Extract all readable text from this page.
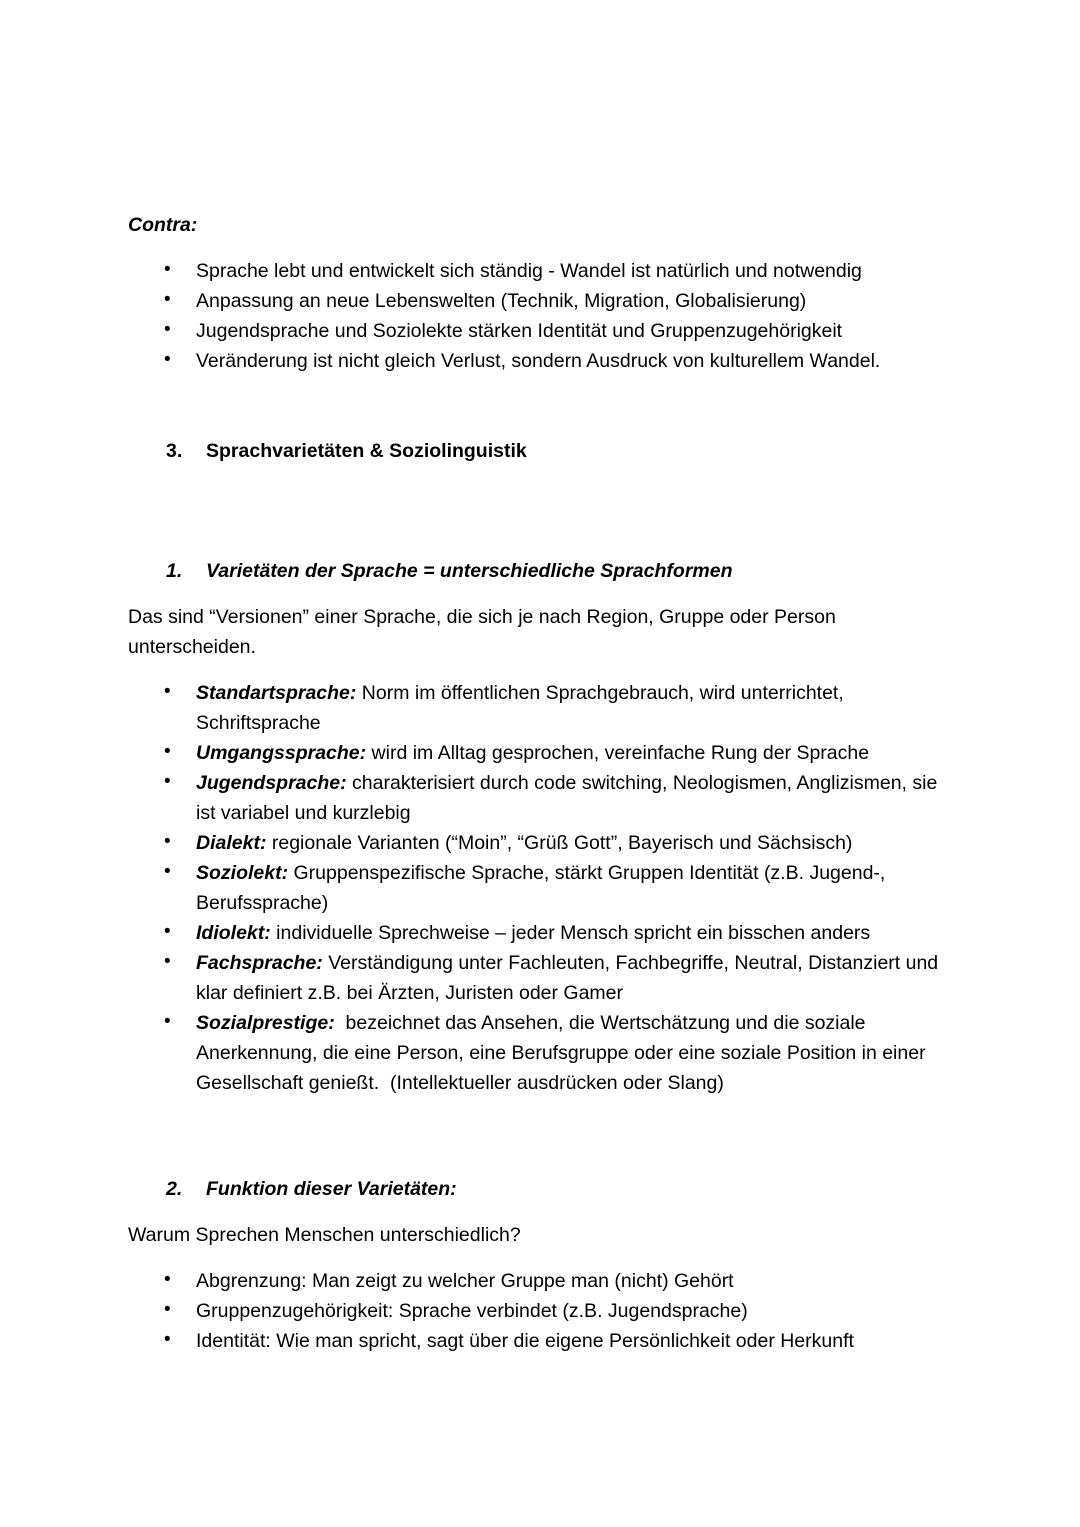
Contra:
• Sprache lebt und entwickelt sich ständig - Wandel ist natürlich und notwendig
• Anpassung an neue Lebenswelten (Technik, Migration, Globalisierung)
• Jugendsprache und Soziolekte stärken Identität und Gruppenzugehörigkeit
• Veränderung ist nicht gleich Verlust, sondern Ausdruck von kulturellem Wandel.
3. Sprachvarietäten & Soziolinguistik
1. Varietäten der Sprache = unterschiedliche Sprachformen

Das sind “Versionen” einer Sprache, die sich je nach Region, Gruppe oder Person unterscheiden.

• Standartsprache: Norm im öffentlichen Sprachgebrauch, wird unterrichtet, Schriftsprache
• Umgangssprache: wird im Alltag gesprochen, vereinfache Rung der Sprache
• Jugendsprache: charakterisiert durch code switching, Neologismen, Anglizismen, sie ist variabel und kurzlebig
• Dialekt: regionale Varianten (“Moin”, “Grüß Gott”, Bayerisch und Sächsisch)
• Soziolekt: Gruppenspezifische Sprache, stärkt Gruppen Identität (z.B. Jugend-, Berufssprache)
• Idiolekt: individuelle Sprechweise – jeder Mensch spricht ein bisschen anders
• Fachsprache: Verständigung unter Fachleuten, Fachbegriffe, Neutral, Distanziert und klar definiert z.B. bei Ärzten, Juristen oder Gamer
• Sozialprestige:  bezeichnet das Ansehen, die Wertschätzung und die soziale Anerkennung, die eine Person, eine Berufsgruppe oder eine soziale Position in einer Gesellschaft genießt.  (Intellektueller ausdrücken oder Slang)
2. Funktion dieser Varietäten:

Warum Sprechen Menschen unterschiedlich?

• Abgrenzung: Man zeigt zu welcher Gruppe man (nicht) Gehört
• Gruppenzugehörigkeit: Sprache verbindet (z.B. Jugendsprache)
• Identität: Wie man spricht, sagt über die eigene Persönlichkeit oder Herkunft
